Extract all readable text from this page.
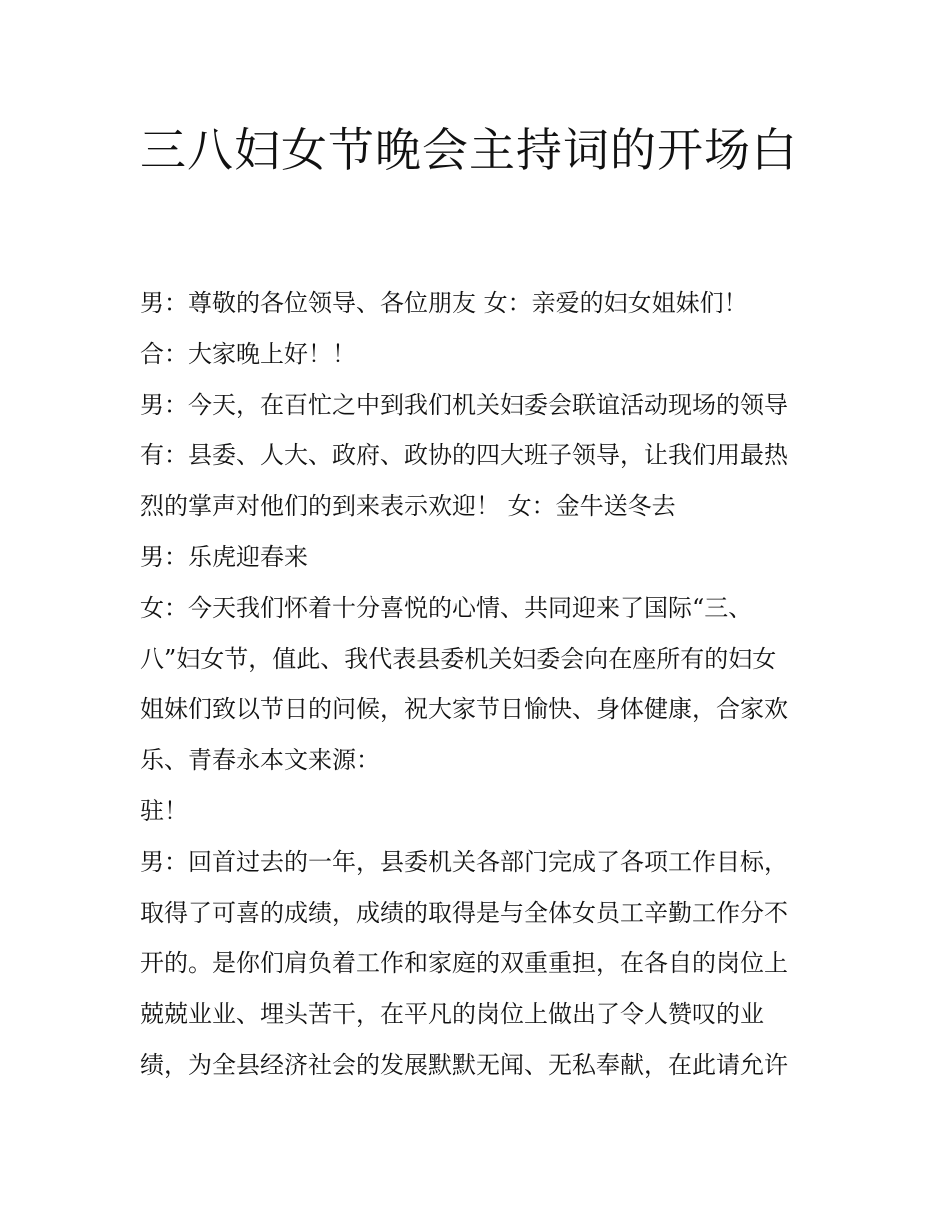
三八妇女节晚会主持词的开场白
男：尊敬的各位领导、各位朋友 女：亲爱的妇女姐妹们！
合：大家晚上好！！
男：今天，在百忙之中到我们机关妇委会联谊活动现场的领导
有：县委、人大、政府、政协的四大班子领导，让我们用最热
烈的掌声对他们的到来表示欢迎！ 女：金牛送冬去
男：乐虎迎春来
女：今天我们怀着十分喜悦的心情、共同迎来了国际“三、
八”妇女节，值此、我代表县委机关妇委会向在座所有的妇女
姐妹们致以节日的问候，祝大家节日愉快、身体健康，合家欢
乐、青春永本文来源：
驻！
男：回首过去的一年，县委机关各部门完成了各项工作目标，
取得了可喜的成绩，成绩的取得是与全体女员工辛勤工作分不
开的。是你们肩负着工作和家庭的双重重担，在各自的岗位上
兢兢业业、埋头苦干，在平凡的岗位上做出了令人赞叹的业
绩，为全县经济社会的发展默默无闻、无私奉献，在此请允许
